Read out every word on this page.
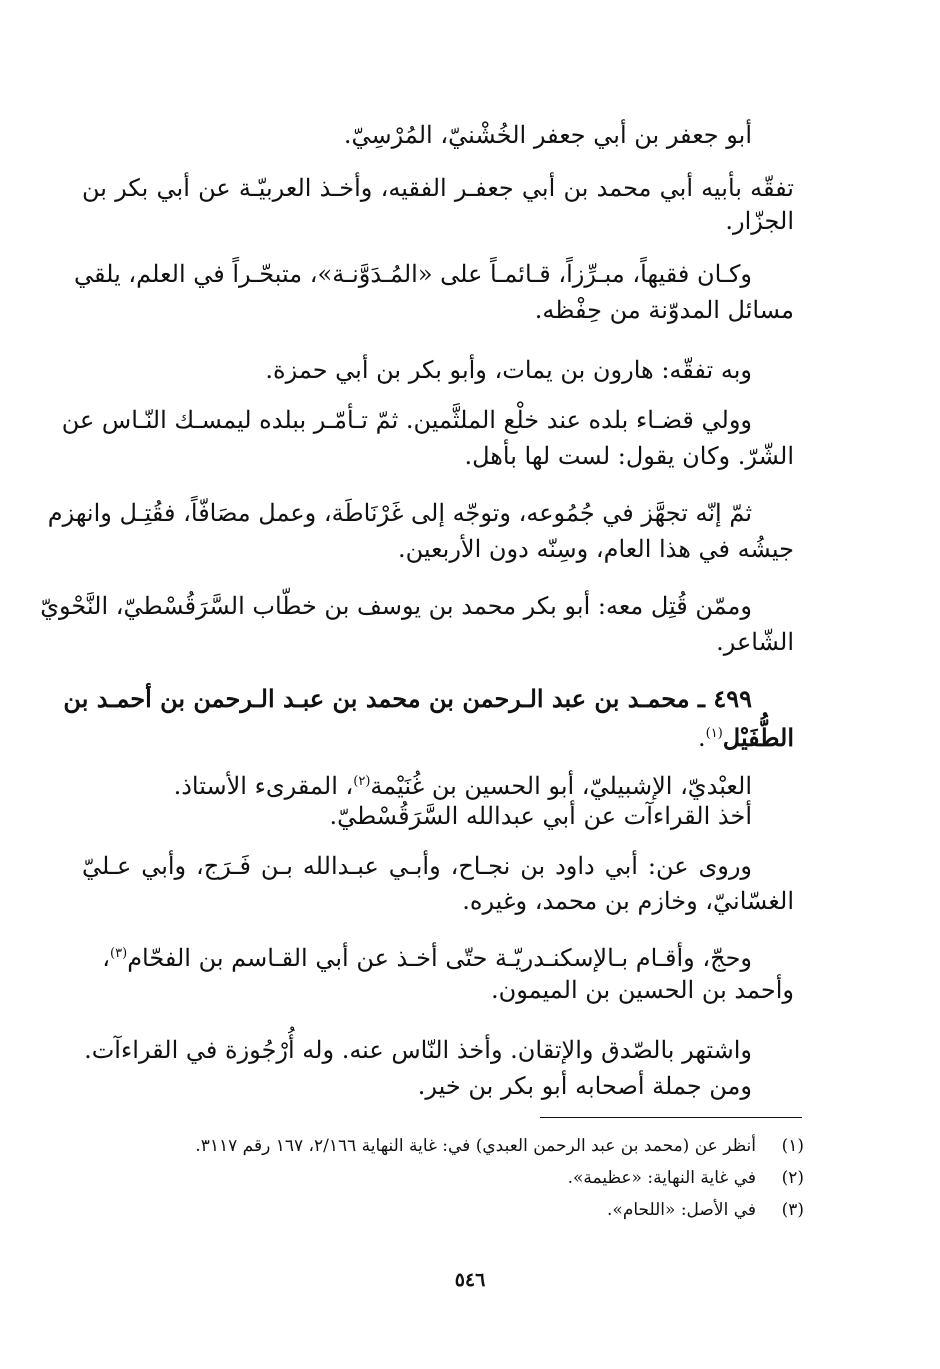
أبو جعفر بن أبي جعفر الخُشْنيّ، المُرْسِيّ.
تفقّه بأبيه أبي محمد بن أبي جعفـر الفقيه، وأخـذ العربيّـة عن أبي بكر بن
الجزّار.
وكـان فقيهاً، مبـرِّزاً، قـائمـاً على «المُـدَوَّنـة»، متبحّـراً في العلم، يلقي
مسائل المدوّنة من حِفْظه.
وبه تفقّه: هارون بن يمات، وأبو بكر بن أبي حمزة.
وولي قضـاء بلده عند خلْع الملثَّمين. ثمّ تـأمّـر ببلده ليمسـك النّـاس عن
الشّرّ. وكان يقول: لست لها بأهل.
ثمّ إنّه تجهَّز في جُمُوعه، وتوجّه إلى غَرْنَاطَة، وعمل مصَافّاً، فقُتِـل وانهزم
جيشُه في هذا العام، وسِنّه دون الأربعين.
وممّن قُتِل معه: أبو بكر محمد بن يوسف بن خطّاب السَّرَقُسْطيّ، النَّحْويّ
الشّاعر.
٤٩٩ ـ محمـد بن عبد الـرحمن بن محمد بن عبـد الـرحمن بن أحمـد بن
الطُّفَيْل$^{(١)}$.
العبْديّ، الإشبيليّ، أبو الحسين بن غُنَيْمة$^{(٢)}$، المقرىء الأستاذ.
أخذ القراءآت عن أبي عبدالله السَّرَقُسْطيّ.
وروى عن: أبي داود بن نجـاح، وأبـي عبـدالله بـن فَـرَج، وأبي عـليّ
الغسّانيّ، وخازم بن محمد، وغيره.
وحجّ، وأقـام بـالإسكنـدريّـة حتّى أخـذ عن أبي القـاسم بن الفحّام$^{(٣)}$،
وأحمد بن الحسين بن الميمون.
واشتهر بالصّدق والإتقان. وأخذ النّاس عنه. وله أُرْجُوزة في القراءآت.
ومن جملة أصحابه أبو بكر بن خير.
(١)
أنظر عن (محمد بن عبد الرحمن العبدي) في: غاية النهاية ٢/١٦٦، ١٦٧ رقم ٣١١٧.
(٢)
في غاية النهاية: «عظيمة».
(٣)
في الأصل: «اللحام».
٥٤٦
